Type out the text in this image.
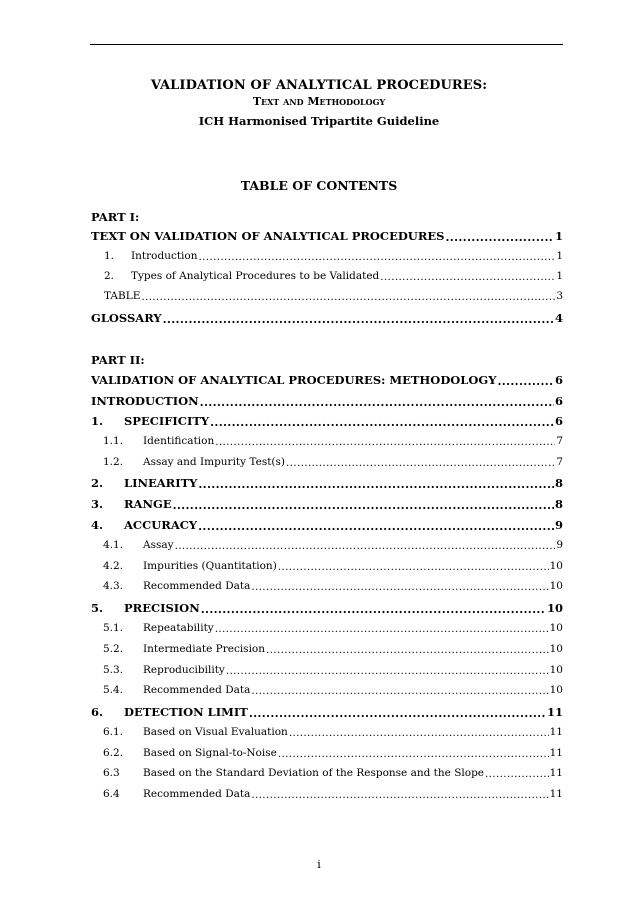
VALIDATION OF ANALYTICAL PROCEDURES:
Text and Methodology
ICH Harmonised Tripartite Guideline
TABLE OF CONTENTS
PART I:
TEXT ON VALIDATION OF ANALYTICAL PROCEDURES .....	1
1.	Introduction .....	1
2.	Types of Analytical Procedures to be Validated .....	1
TABLE .....	3
GLOSSARY .....	4
PART II:
VALIDATION OF ANALYTICAL PROCEDURES: METHODOLOGY .....	6
INTRODUCTION .....	6
1.	SPECIFICITY .....	6
1.1.	Identification .....	7
1.2.	Assay and Impurity Test(s) .....	7
2.	LINEARITY .....	8
3.	RANGE .....	8
4.	ACCURACY .....	9
4.1.	Assay .....	9
4.2.	Impurities (Quantitation) .....	10
4.3.	Recommended Data .....	10
5.	PRECISION .....	10
5.1.	Repeatability .....	10
5.2.	Intermediate Precision .....	10
5.3.	Reproducibility .....	10
5.4.	Recommended Data .....	10
6.	DETECTION LIMIT .....	11
6.1.	Based on Visual Evaluation .....	11
6.2.	Based on Signal-to-Noise .....	11
6.3	Based on the Standard Deviation of the Response and the Slope .....	11
6.4	Recommended Data .....	11
i
